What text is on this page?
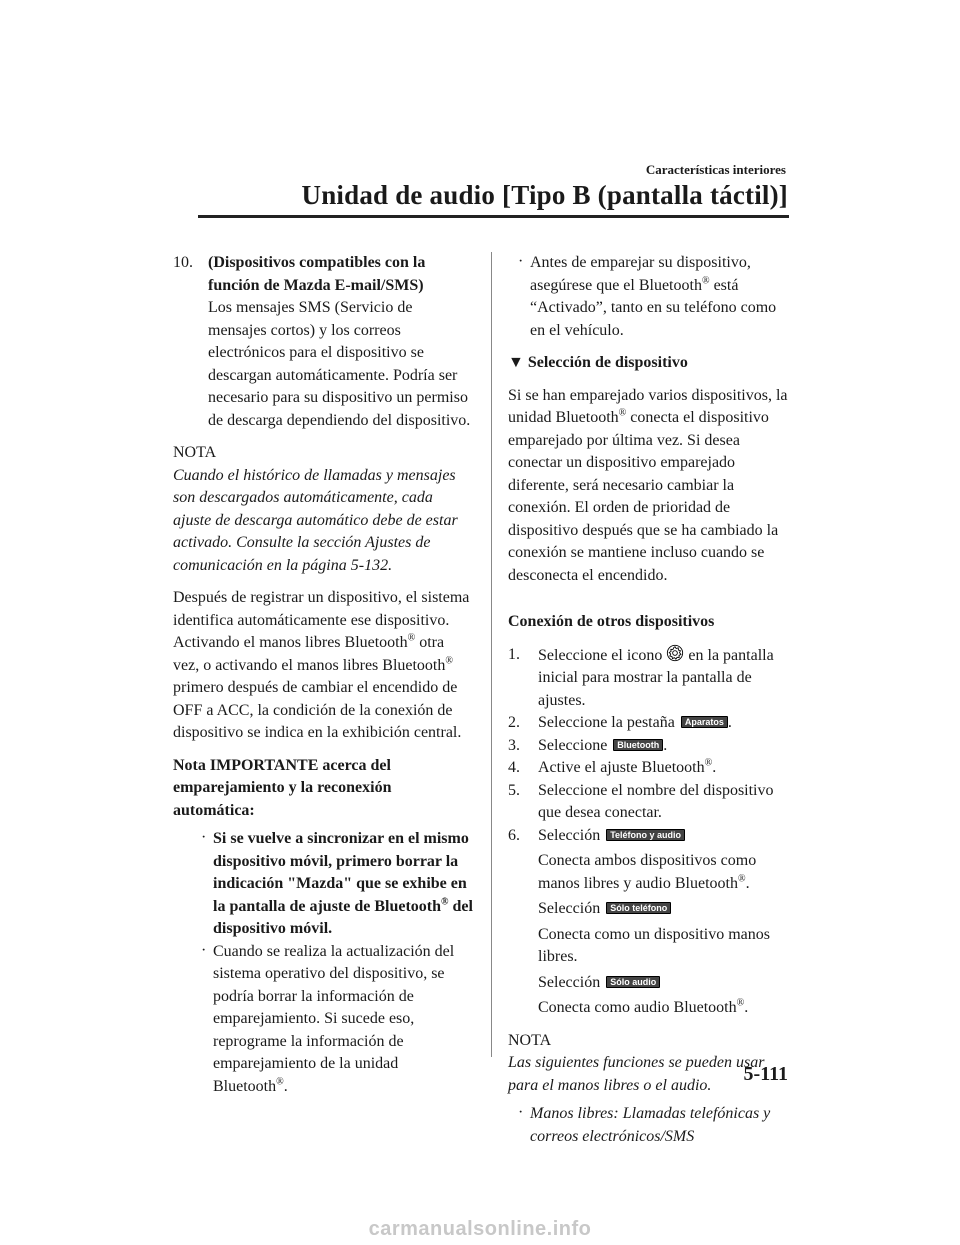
Características interiores
Unidad de audio [Tipo B (pantalla táctil)]
10. (Dispositivos compatibles con la función de Mazda E-mail/SMS)

Los mensajes SMS (Servicio de mensajes cortos) y los correos electrónicos para el dispositivo se descargan automáticamente. Podría ser necesario para su dispositivo un permiso de descarga dependiendo del dispositivo.

NOTA

Cuando el histórico de llamadas y mensajes son descargados automáticamente, cada ajuste de descarga automático debe de estar activado. Consulte la sección Ajustes de comunicación en la página 5-132.

Después de registrar un dispositivo, el sistema identifica automáticamente ese dispositivo. Activando el manos libres Bluetooth® otra vez, o activando el manos libres Bluetooth® primero después de cambiar el encendido de OFF a ACC, la condición de la conexión de dispositivo se indica en la exhibición central.

Nota IMPORTANTE acerca del emparejamiento y la reconexión automática:

· Si se vuelve a sincronizar en el mismo dispositivo móvil, primero borrar la indicación "Mazda" que se exhibe en la pantalla de ajuste de Bluetooth® del dispositivo móvil.

· Cuando se realiza la actualización del sistema operativo del dispositivo, se podría borrar la información de emparejamiento. Si sucede eso, reprograme la información de emparejamiento de la unidad Bluetooth®.

· Antes de emparejar su dispositivo, asegúrese que el Bluetooth® está “Activado”, tanto en su teléfono como en el vehículo.

▼ Selección de dispositivo

Si se han emparejado varios dispositivos, la unidad Bluetooth® conecta el dispositivo emparejado por última vez. Si desea conectar un dispositivo emparejado diferente, será necesario cambiar la conexión. El orden de prioridad de dispositivo después que se ha cambiado la conexión se mantiene incluso cuando se desconecta el encendido.

Conexión de otros dispositivos

1.	Seleccione el icono en la pantalla inicial para mostrar la pantalla de ajustes.

2.	Seleccione la pestaña Aparatos .

3.	Seleccione Bluetooth .

4.	Active el ajuste Bluetooth®.

5.	Seleccione el nombre del dispositivo que desea conectar.

6.	Selección Teléfono y audio

Conecta ambos dispositivos como manos libres y audio Bluetooth®.

Selección Sólo teléfono

Conecta como un dispositivo manos libres.

Selección Sólo audio

Conecta como audio Bluetooth®.

NOTA

Las siguientes funciones se pueden usar para el manos libres o el audio.

· Manos libres: Llamadas telefónicas y correos electrónicos/SMS

5-111
carmanualsonline.info
